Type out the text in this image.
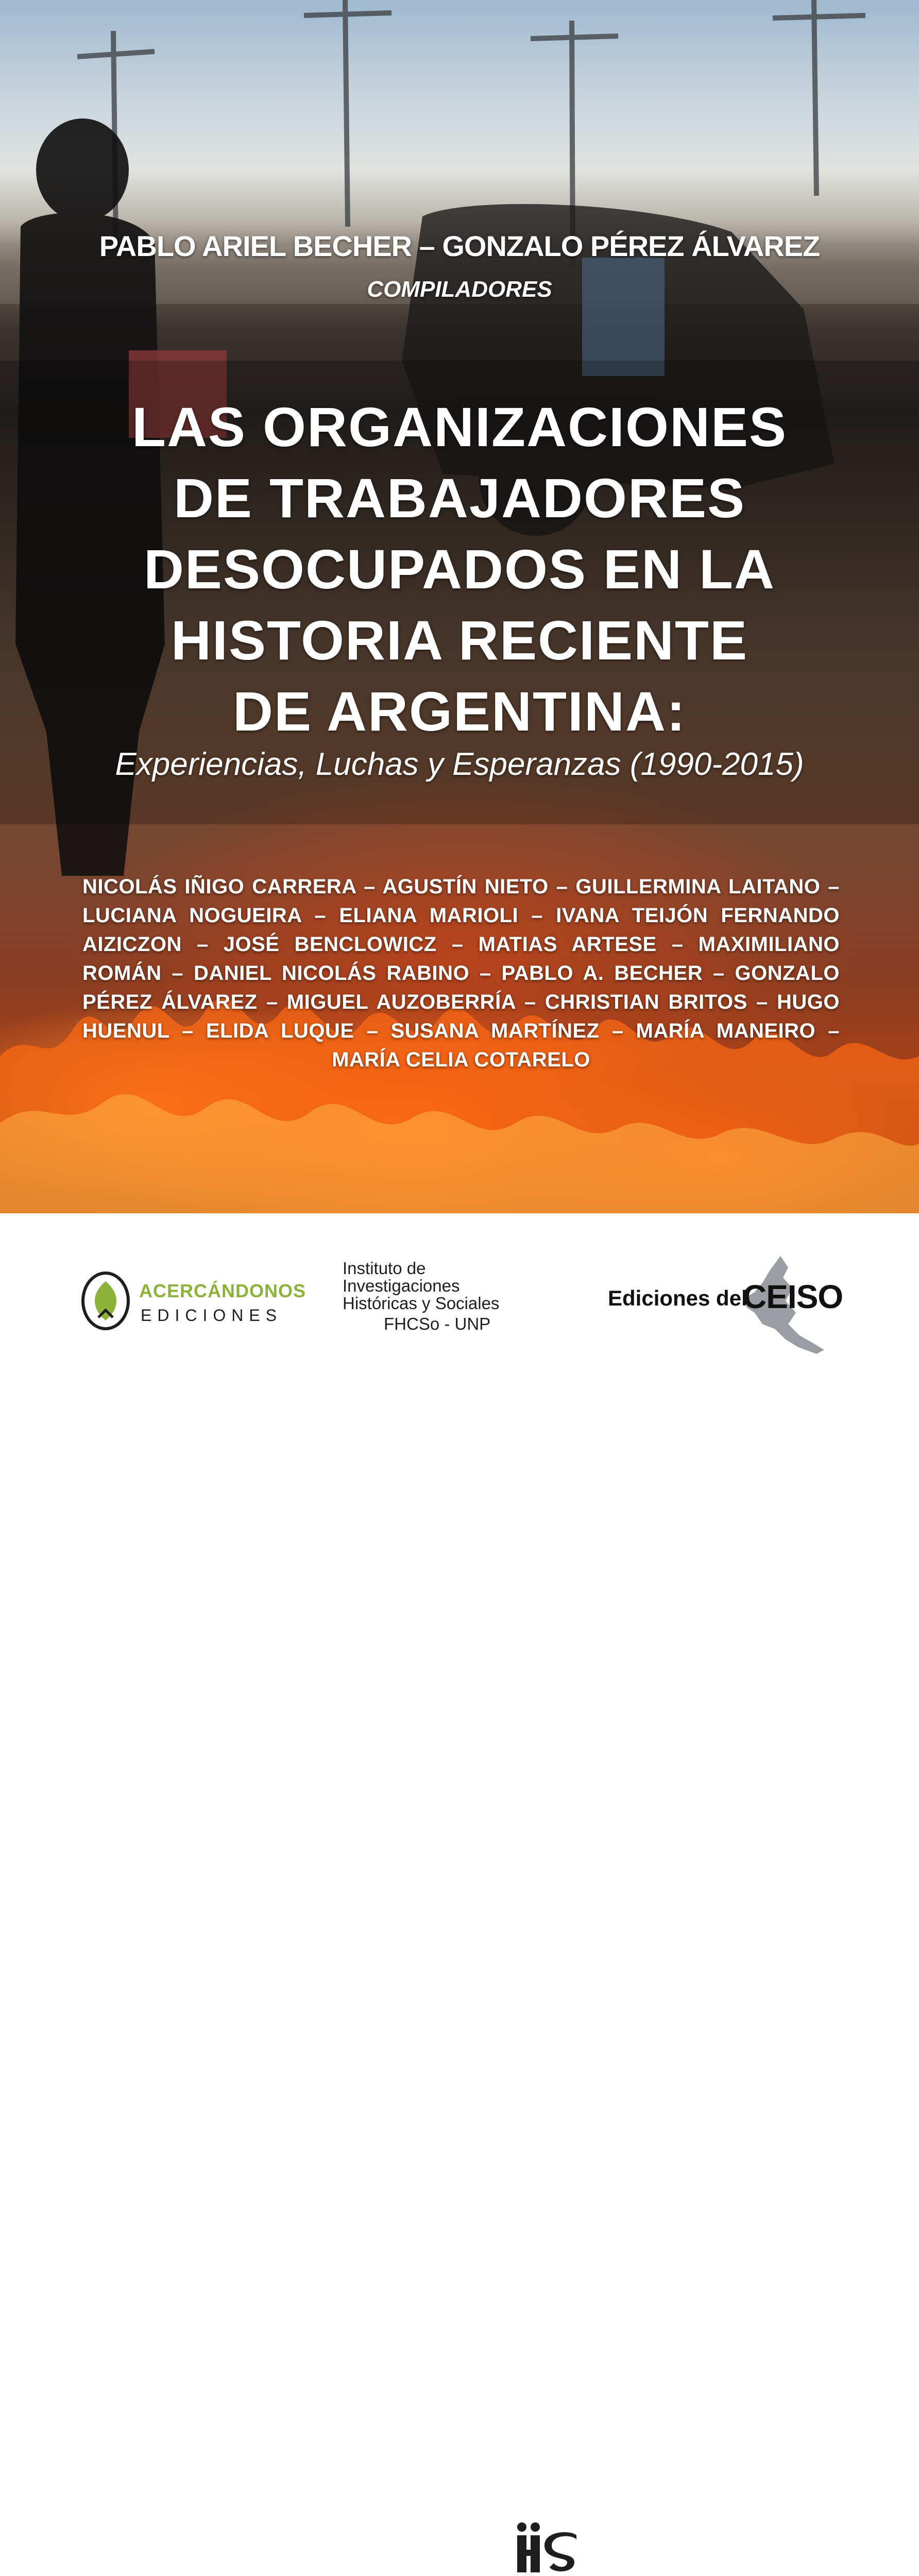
PABLO ARIEL BECHER – GONZALO PÉREZ ÁLVAREZ
COMPILADORES
LAS ORGANIZACIONES
DE TRABAJADORES
DESOCUPADOS EN LA
HISTORIA RECIENTE
DE ARGENTINA:
Experiencias, Luchas y Esperanzas (1990-2015)
NICOLÁS IÑIGO CARRERA – AGUSTÍN NIETO – GUILLERMINA LAITANO – LUCIANA NOGUEIRA – ELIANA MARIOLI – IVANA TEIJÓN FERNANDO AIZICZON – JOSÉ BENCLOWICZ – MATIAS ARTESE – MAXIMILIANO ROMÁN – DANIEL NICOLÁS RABINO – PABLO A. BECHER – GONZALO PÉREZ ÁLVAREZ – MIGUEL AUZOBERRÍA – CHRISTIAN BRITOS – HUGO HUENUL – ELIDA LUQUE – SUSANA MARTÍNEZ – MARÍA MANEIRO – MARÍA CELIA COTARELO
ACERCÁNDONOS
EDICIONES
Instituto de
Investigaciones
Históricas y Sociales
FHCSo - UNP
Ediciones del
CEISO
